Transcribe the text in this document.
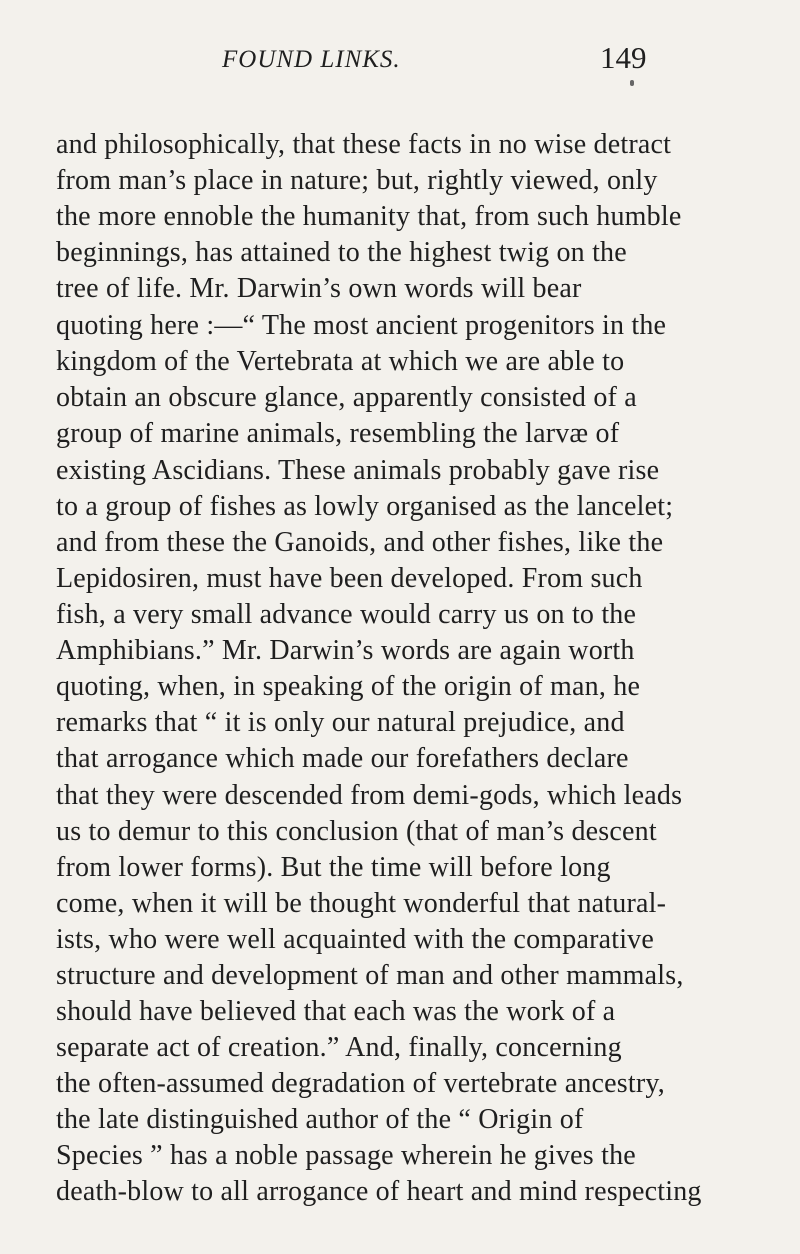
FOUND LINKS.	149
and philosophically, that these facts in no wise detract
from man’s place in nature; but, rightly viewed, only
the more ennoble the humanity that, from such humble
beginnings, has attained to the highest twig on the
tree of life. Mr. Darwin’s own words will bear
quoting here :—“ The most ancient progenitors in the
kingdom of the Vertebrata at which we are able to
obtain an obscure glance, apparently consisted of a
group of marine animals, resembling the larvæ of
existing Ascidians. These animals probably gave rise
to a group of fishes as lowly organised as the lancelet;
and from these the Ganoids, and other fishes, like the
Lepidosiren, must have been developed. From such
fish, a very small advance would carry us on to the
Amphibians.” Mr. Darwin’s words are again worth
quoting, when, in speaking of the origin of man, he
remarks that “ it is only our natural prejudice, and
that arrogance which made our forefathers declare
that they were descended from demi-gods, which leads
us to demur to this conclusion (that of man’s descent
from lower forms). But the time will before long
come, when it will be thought wonderful that natural-
ists, who were well acquainted with the comparative
structure and development of man and other mammals,
should have believed that each was the work of a
separate act of creation.” And, finally, concerning
the often-assumed degradation of vertebrate ancestry,
the late distinguished author of the “ Origin of
Species ” has a noble passage wherein he gives the
death-blow to all arrogance of heart and mind respecting
